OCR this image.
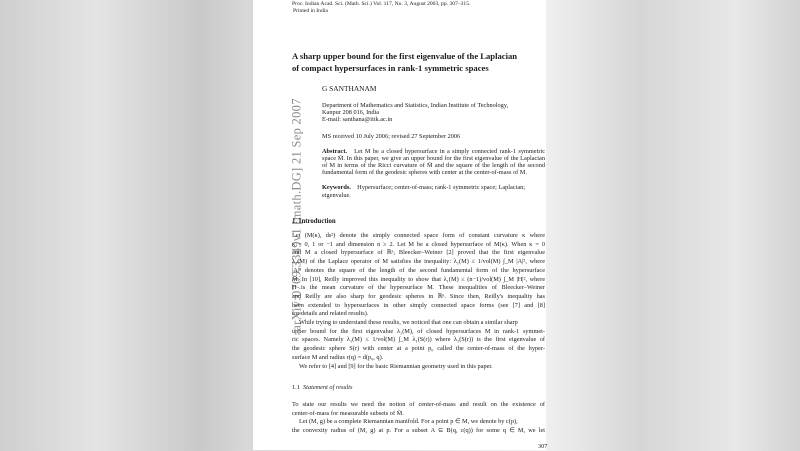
arXiv:0709.3349v1 [math.DG] 21 Sep 2007
Proc. Indian Acad. Sci. (Math. Sci.) Vol. 117, No. 3, August 2003, pp. 307–315.
Printed in India
A sharp upper bound for the first eigenvalue of the Laplacian
of compact hypersurfaces in rank-1 symmetric spaces
G SANTHANAM
Department of Mathematics and Statistics, Indian Institute of Technology,
Kanpur 208 016, India
E-mail: santhana@iitk.ac.in
MS received 10 July 2006; revised 27 September 2006
Abstract. Let M be a closed hypersurface in a simply connected rank-1 symmetric
space M̄. In this paper, we give an upper bound for the first eigenvalue of the Laplacian
of M in terms of the Ricci curvature of M̄ and the square of the length of the second
fundamental form of the geodesic spheres with center at the center-of-mass of M.
Keywords. Hypersurface; center-of-mass; rank-1 symmetric space; Laplacian;
eigenvalue.
1. Introduction
Let (M(κ), ds²) denote the simply connected space form of constant curvature κ where
κ = 0, 1 or −1 and dimension n ≥ 2. Let M be a closed hypersurface of M(κ). When κ = 0
and M a closed hypersurface of ℝⁿ, Bleecker–Weiner [2] proved that the first eigenvalue
λ₁(M) of the Laplace operator of M satisfies the inequality: λ₁(M) ≤ 1/vol(M) ∫_M |A|², where
|A|² denotes the square of the length of the second fundamental form of the hypersurface
M. In [10], Reilly improved this inequality to show that λ₁(M) ≤ (n−1)/vol(M) ∫_M |H|², where
H is the mean curvature of the hypersurface M. These inequalities of Bleecker–Weiner
and Reilly are also sharp for geodesic spheres in ℝⁿ. Since then, Reilly's inequality has
been extended to hypersurfaces in other simply connected space forms (see [7] and [8]
for details and related results).
While trying to understand these results, we noticed that one can obtain a similar sharp
upper bound for the first eigenvalue λ₁(M), of closed hypersurfaces M in rank-1 symmet-
ric spaces. Namely λ₁(M) ≤ 1/vol(M) ∫_M λ₁(S(r)) where λ₁(S(r)) is the first eigenvalue of
the geodesic sphere S(r) with center at a point p₀ called the center-of-mass of the hyper-
surface M and radius r(q) = d(p₀, q).
We refer to [4] and [9] for the basic Riemannian geometry used in this paper.
To state our results we need the notion of center-of-mass and result on the existence of
center-of-mass for measurable subsets of M̄.
Let (M, g) be a complete Riemannian manifold. For a point p ∈ M, we denote by c(p),
the convexity radius of (M, g) at p. For a subset A ⊆ B(q, c(q)) for some q ∈ M, we let
1.1 Statement of results
307
